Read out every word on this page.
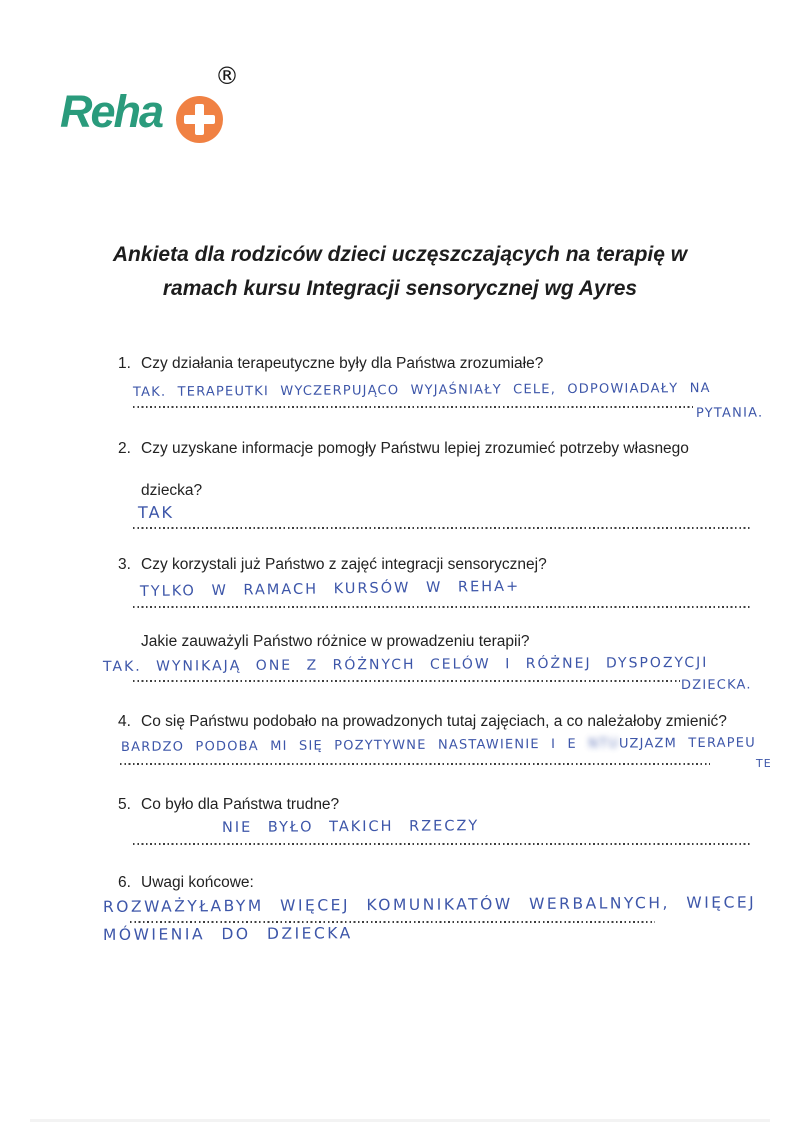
Reha
®
Ankieta dla rodziców dzieci uczęszczających na terapię w
ramach kursu Integracji sensorycznej wg Ayres
1. Czy działania terapeutyczne były dla Państwa zrozumiałe?
TAK. TERAPEUTKI WYCZERPUJĄCO WYJAŚNIAŁY CELE, ODPOWIADAŁY NA
PYTANIA.
2. Czy uzyskane informacje pomogły Państwu lepiej zrozumieć potrzeby własnego
dziecka?
TAK
3. Czy korzystali już Państwo z zajęć integracji sensorycznej?
TYLKO W RAMACH KURSÓW W REHA+
Jakie zauważyli Państwo różnice w prowadzeniu terapii?
TAK. WYNIKAJĄ ONE Z RÓŻNYCH CELÓW I RÓŻNEJ DYSPOZYCJI
DZIECKA.
4. Co się Państwu podobało na prowadzonych tutaj zajęciach, a co należałoby zmienić?
BARDZO PODOBA MI SIĘ POZYTYWNE NASTAWIENIE I E NTUUZJAZM TERAPEU
TE
5. Co było dla Państwa trudne?
NIE BYŁO TAKICH RZECZY
6. Uwagi końcowe:
ROZWAŻYŁABYM WIĘCEJ KOMUNIKATÓW WERBALNYCH, WIĘCEJ
MÓWIENIA DO DZIECKA
